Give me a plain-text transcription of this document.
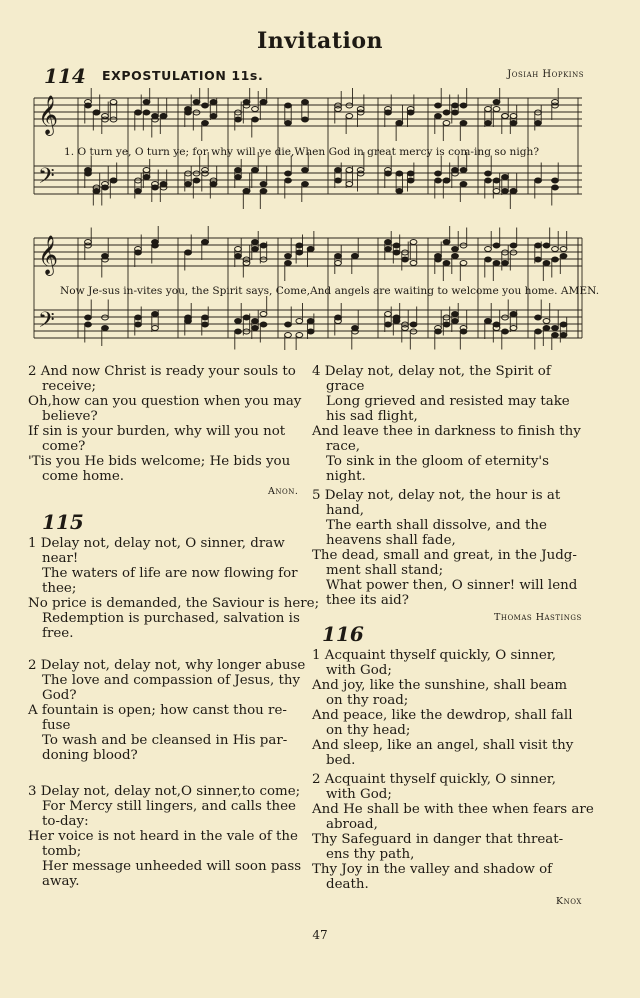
Invitation
114 EXPOSTULATION 11s.	Josiah Hopkins
𝄞
𝄢
1. O turn ye, O turn ye; for why will ye die,When God in great mercy is com-ing so nigh?
𝄞
𝄢
Now Je-sus in-vites you, the Spirit says, Come,And angels are waiting to welcome you home. AMEN.
2 And now Christ is ready your souls to
receive;
Oh,how can you question when you may
believe?
If sin is your burden, why will you not
come?
'Tis you He bids welcome; He bids you
come home.
Anon.
115
1 Delay not, delay not, O sinner, draw
near!
The waters of life are now flowing for
thee;
No price is demanded, the Saviour is here;
Redemption is purchased, salvation is
free.
2 Delay not, delay not, why longer abuse
The love and compassion of Jesus, thy
God?
A fountain is open; how canst thou re-
fuse
To wash and be cleansed in His par-
doning blood?
3 Delay not, delay not,O sinner,to come;
For Mercy still lingers, and calls thee
to-day:
Her voice is not heard in the vale of the
tomb;
Her message unheeded will soon pass
away.
4 Delay not, delay not, the Spirit of
grace
Long grieved and resisted may take
his sad flight,
And leave thee in darkness to finish thy
race,
To sink in the gloom of eternity's
night.
5 Delay not, delay not, the hour is at
hand,
The earth shall dissolve, and the
heavens shall fade,
The dead, small and great, in the Judg-
ment shall stand;
What power then, O sinner! will lend
thee its aid?
Thomas Hastings
116
1 Acquaint thyself quickly, O sinner,
with God;
And joy, like the sunshine, shall beam
on thy road;
And peace, like the dewdrop, shall fall
on thy head;
And sleep, like an angel, shall visit thy
bed.
2 Acquaint thyself quickly, O sinner,
with God;
And He shall be with thee when fears are
abroad,
Thy Safeguard in danger that threat-
ens thy path,
Thy Joy in the valley and shadow of
death.
Knox
47
